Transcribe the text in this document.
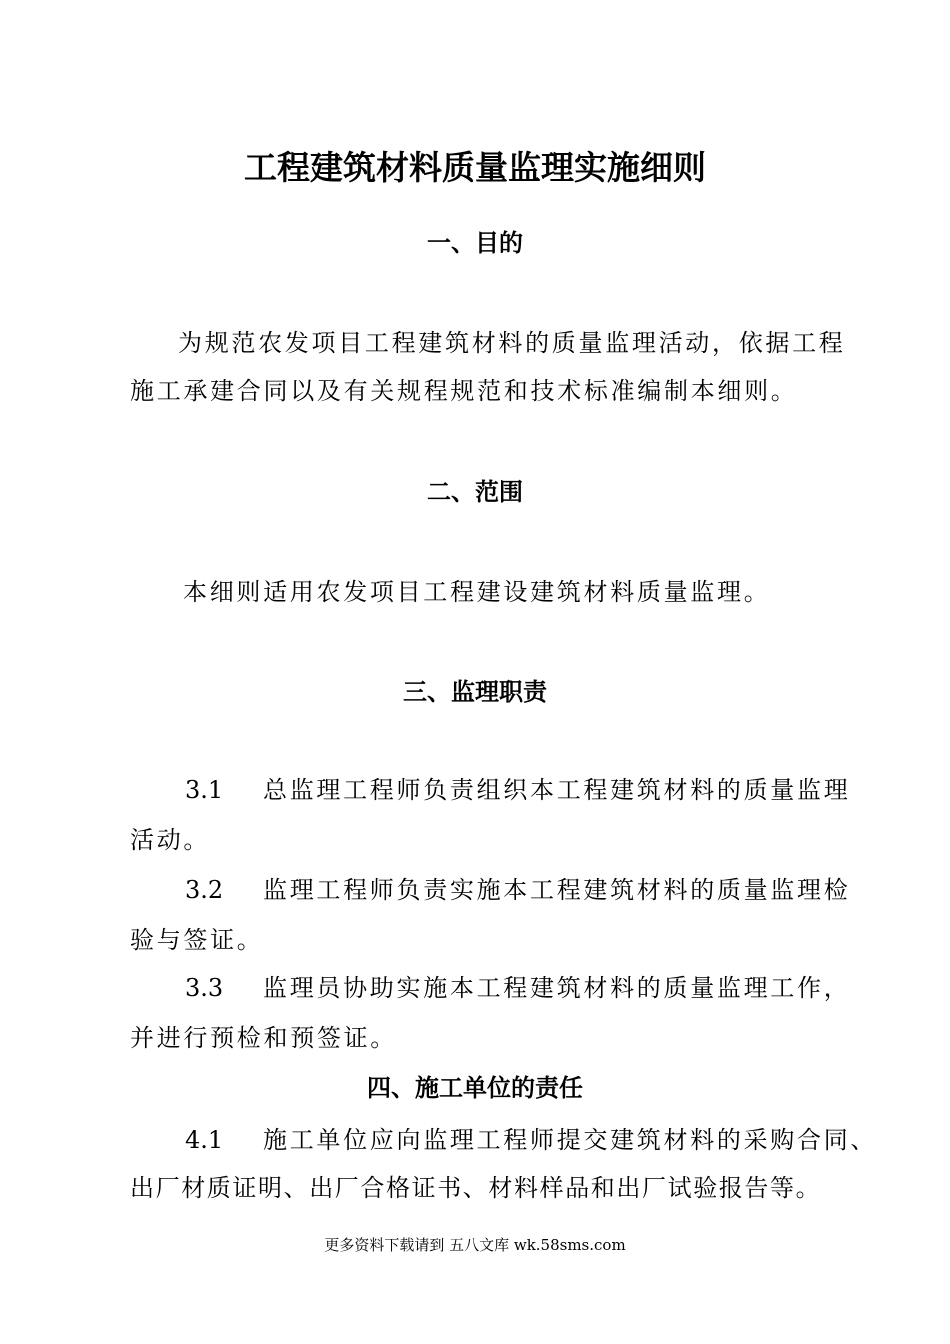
工程建筑材料质量监理实施细则
一、目的
为规范农发项目工程建筑材料的质量监理活动，依据工程
施工承建合同以及有关规程规范和技术标准编制本细则。
二、范围
本细则适用农发项目工程建设建筑材料质量监理。
三、监理职责
3.1 总监理工程师负责组织本工程建筑材料的质量监理
活动。
3.2 监理工程师负责实施本工程建筑材料的质量监理检
验与签证。
3.3 监理员协助实施本工程建筑材料的质量监理工作，
并进行预检和预签证。
四、施工单位的责任
4.1 施工单位应向监理工程师提交建筑材料的采购合同、
出厂材质证明、出厂合格证书、材料样品和出厂试验报告等。
更多资料下载请到 五八文库 wk.58sms.com
